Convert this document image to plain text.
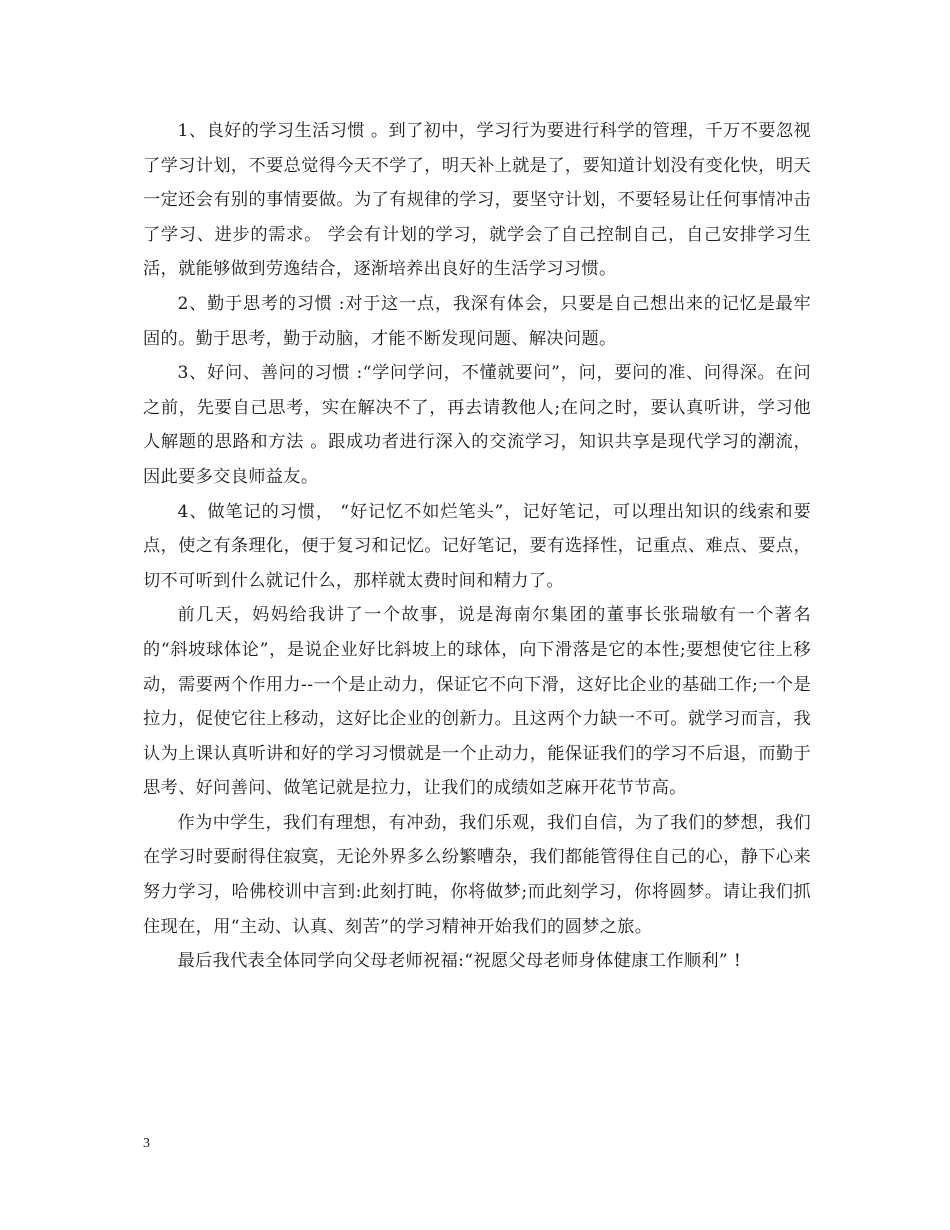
1、良好的学习生活习惯 。到了初中，学习行为要进行科学的管理，千万不要忽视了学习计划，不要总觉得今天不学了，明天补上就是了，要知道计划没有变化快，明天一定还会有别的事情要做。为了有规律的学习，要坚守计划，不要轻易让任何事情冲击了学习、进步的需求。 学会有计划的学习，就学会了自己控制自己，自己安排学习生活，就能够做到劳逸结合，逐渐培养出良好的生活学习习惯。

2、勤于思考的习惯 :对于这一点，我深有体会，只要是自己想出来的记忆是最牢固的。勤于思考，勤于动脑，才能不断发现问题、解决问题。

3、好问、善问的习惯 :“学问学问，不懂就要问”，问，要问的准、问得深。在问之前，先要自己思考，实在解决不了，再去请教他人;在问之时，要认真听讲，学习他人解题的思路和方法 。跟成功者进行深入的交流学习，知识共享是现代学习的潮流，因此要多交良师益友。

4、做笔记的习惯， “好记忆不如烂笔头”，记好笔记，可以理出知识的线索和要点，使之有条理化，便于复习和记忆。记好笔记，要有选择性，记重点、难点、要点，切不可听到什么就记什么，那样就太费时间和精力了。

前几天，妈妈给我讲了一个故事，说是海南尔集团的董事长张瑞敏有一个著名的“斜坡球体论”，是说企业好比斜坡上的球体，向下滑落是它的本性;要想使它往上移动，需要两个作用力--一个是止动力，保证它不向下滑，这好比企业的基础工作;一个是拉力，促使它往上移动，这好比企业的创新力。且这两个力缺一不可。就学习而言，我认为上课认真听讲和好的学习习惯就是一个止动力，能保证我们的学习不后退，而勤于思考、好问善问、做笔记就是拉力，让我们的成绩如芝麻开花节节高。

作为中学生，我们有理想，有冲劲，我们乐观，我们自信，为了我们的梦想，我们在学习时要耐得住寂寞，无论外界多么纷繁嘈杂，我们都能管得住自己的心，静下心来努力学习，哈佛校训中言到:此刻打盹，你将做梦;而此刻学习，你将圆梦。请让我们抓住现在，用“主动、认真、刻苦”的学习精神开始我们的圆梦之旅。

最后我代表全体同学向父母老师祝福:“祝愿父母老师身体健康工作顺利” !

3
